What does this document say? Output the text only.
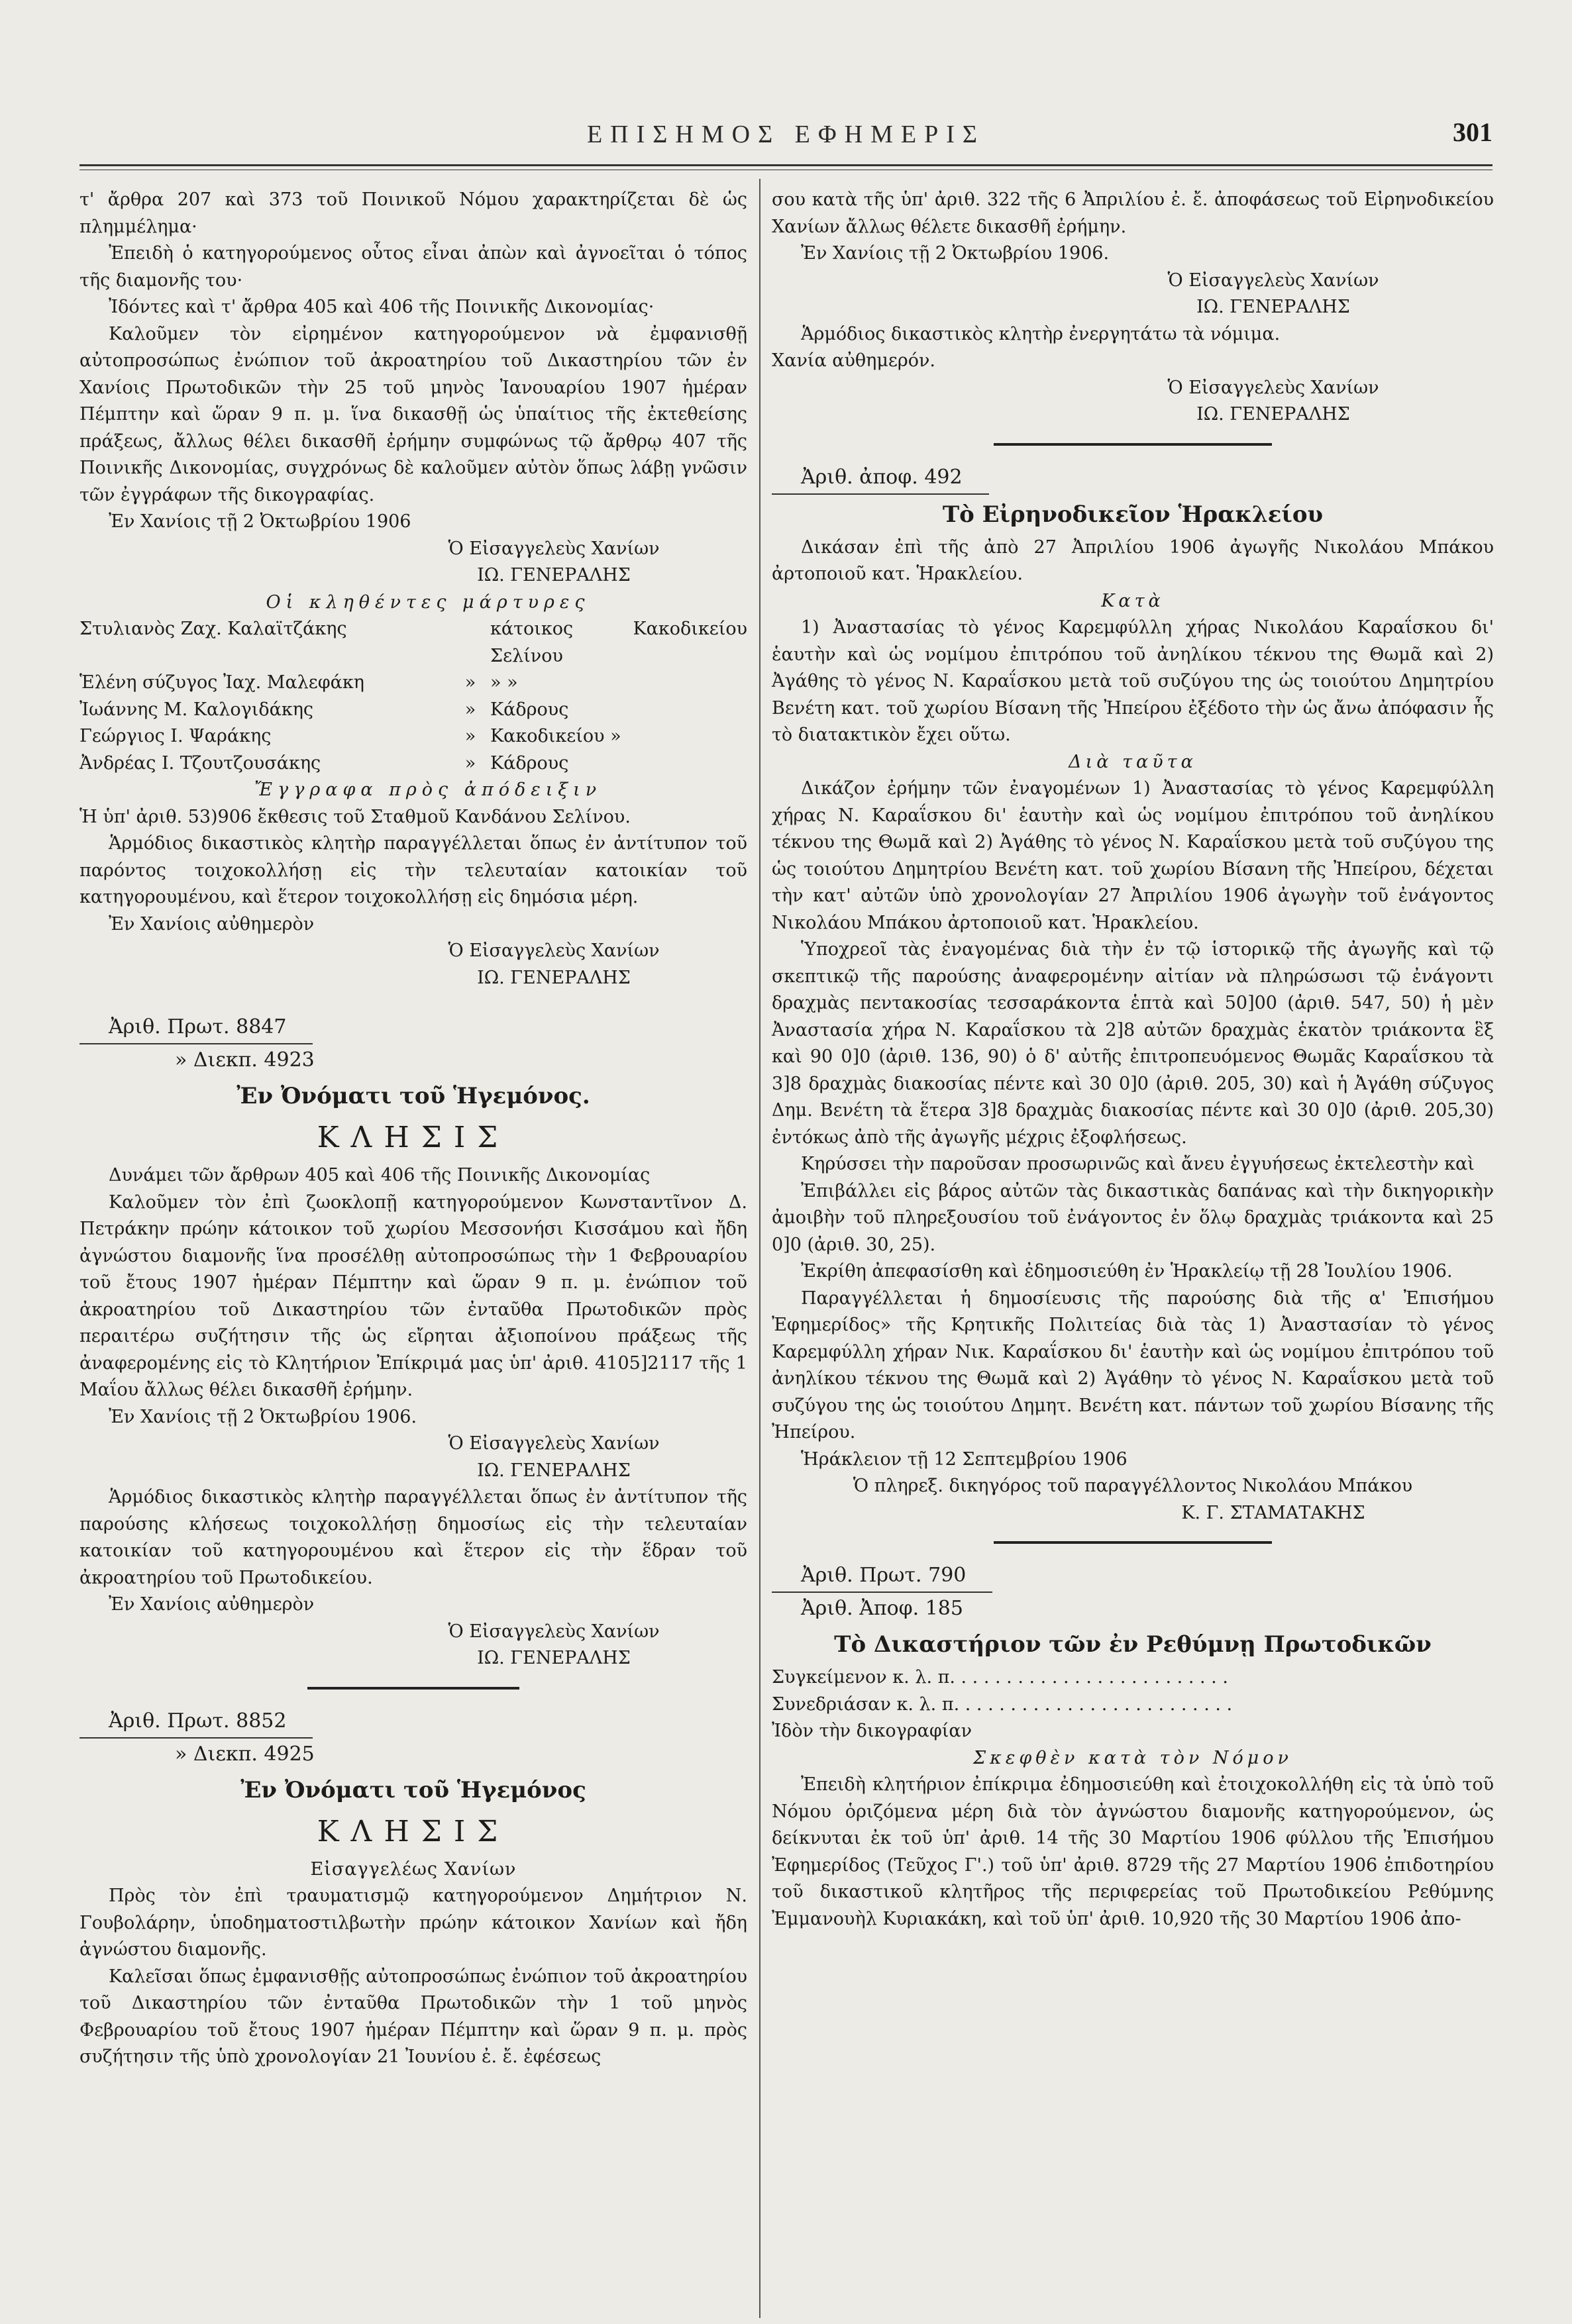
ΕΠΙΣΗΜΟΣ ΕΦΗΜΕΡΙΣ	301

τ' ἄρθρα 207 καὶ 373 τοῦ Ποινικοῦ Νόμου χαρακτηρίζεται δὲ ὡς πλημμέλημα·

Ἐπειδὴ ὁ κατηγορούμενος οὗτος εἶναι ἀπὼν καὶ ἀγνοεῖται ὁ τόπος τῆς διαμονῆς του·

Ἰδόντες καὶ τ' ἄρθρα 405 καὶ 406 τῆς Ποινικῆς Δικονομίας·

Καλοῦμεν τὸν εἰρημένον κατηγορούμενον νὰ ἐμφανισθῇ αὐτοπροσώπως ἐνώπιον τοῦ ἀκροατηρίου τοῦ Δικαστηρίου τῶν ἐν Χανίοις Πρωτοδικῶν τὴν 25 τοῦ μηνὸς Ἰανουαρίου 1907 ἡμέραν Πέμπτην καὶ ὥραν 9 π. μ. ἵνα δικασθῇ ὡς ὑπαίτιος τῆς ἐκτεθείσης πράξεως, ἄλλως θέλει δικασθῆ ἐρήμην συμφώνως τῷ ἄρθρῳ 407 τῆς Ποινικῆς Δικονομίας, συγχρόνως δὲ καλοῦμεν αὐτὸν ὅπως λάβῃ γνῶσιν τῶν ἐγγράφων τῆς δικογραφίας.

Ἐν Χανίοις τῇ 2 Ὀκτωβρίου 1906

Ὁ Εἰσαγγελεὺς Χανίων

ΙΩ. ΓΕΝΕΡΑΛΗΣ

Οἱ κληθέντες μάρτυρες

Στυλιανὸς Ζαχ. Καλαϊτζάκης	κάτοικος Κακοδικείου Σελίνου
Ἑλένη σύζυγος Ἰαχ. Μαλεφάκη	» » »
Ἰωάννης Μ. Καλογιδάκης	» Κάδρους
Γεώργιος Ι. Ψαράκης	» Κακοδικείου »
Ἀνδρέας Ι. Τζουτζουσάκης	» Κάδρους

Ἔγγραφα πρὸς ἀπόδειξιν

Ἡ ὑπ' ἀριθ. 53)906 ἔκθεσις τοῦ Σταθμοῦ Κανδάνου Σελίνου.

Ἁρμόδιος δικαστικὸς κλητὴρ παραγγέλλεται ὅπως ἐν ἀντίτυπον τοῦ παρόντος τοιχοκολλήσῃ εἰς τὴν τελευταίαν κατοικίαν τοῦ κατηγορουμένου, καὶ ἕτερον τοιχοκολλήσῃ εἰς δημόσια μέρη.

Ἐν Χανίοις αὐθημερὸν

Ὁ Εἰσαγγελεὺς Χανίων

ΙΩ. ΓΕΝΕΡΑΛΗΣ

Ἀριθ. Πρωτ. 8847

» Διεκπ. 4923

Ἐν Ὀνόματι τοῦ Ἡγεμόνος.
ΚΛΗΣΙΣ

Δυνάμει τῶν ἄρθρων 405 καὶ 406 τῆς Ποινικῆς Δικονομίας

Καλοῦμεν τὸν ἐπὶ ζωοκλοπῇ κατηγορούμενον Κωνσταντῖνον Δ. Πετράκην πρώην κάτοικον τοῦ χωρίου Μεσσονήσι Κισσάμου καὶ ἤδη ἀγνώστου διαμονῆς ἵνα προσέλθῃ αὐτοπροσώπως τὴν 1 Φεβρουαρίου τοῦ ἔτους 1907 ἡμέραν Πέμπτην καὶ ὥραν 9 π. μ. ἐνώπιον τοῦ ἀκροατηρίου τοῦ Δικαστηρίου τῶν ἐνταῦθα Πρωτοδικῶν πρὸς περαιτέρω συζήτησιν τῆς ὡς εἴρηται ἀξιοποίνου πράξεως τῆς ἀναφερομένης εἰς τὸ Κλητήριον Ἐπίκριμά μας ὑπ' ἀριθ. 4105]2117 τῆς 1 Μαΐου ἄλλως θέλει δικασθῆ ἐρήμην.

Ἐν Χανίοις τῇ 2 Ὀκτωβρίου 1906.

Ὁ Εἰσαγγελεὺς Χανίων

ΙΩ. ΓΕΝΕΡΑΛΗΣ

Ἁρμόδιος δικαστικὸς κλητὴρ παραγγέλλεται ὅπως ἐν ἀντίτυπον τῆς παρούσης κλήσεως τοιχοκολλήσῃ δημοσίως εἰς τὴν τελευταίαν κατοικίαν τοῦ κατηγορουμένου καὶ ἕτερον εἰς τὴν ἕδραν τοῦ ἀκροατηρίου τοῦ Πρωτοδικείου.

Ἐν Χανίοις αὐθημερὸν

Ὁ Εἰσαγγελεὺς Χανίων

ΙΩ. ΓΕΝΕΡΑΛΗΣ

Ἀριθ. Πρωτ. 8852

» Διεκπ. 4925

Ἐν Ὀνόματι τοῦ Ἡγεμόνος
ΚΛΗΣΙΣ
Εἰσαγγελέως Χανίων

Πρὸς τὸν ἐπὶ τραυματισμῷ κατηγορούμενον Δημήτριον Ν. Γουβολάρην, ὑποδηματοστιλβωτὴν πρώην κάτοικον Χανίων καὶ ἤδη ἀγνώστου διαμονῆς.

Καλεῖσαι ὅπως ἐμφανισθῇς αὐτοπροσώπως ἐνώπιον τοῦ ἀκροατηρίου τοῦ Δικαστηρίου τῶν ἐνταῦθα Πρωτοδικῶν τὴν 1 τοῦ μηνὸς Φεβρουαρίου τοῦ ἔτους 1907 ἡμέραν Πέμπτην καὶ ὥραν 9 π. μ. πρὸς συζήτησιν τῆς ὑπὸ χρονολογίαν 21 Ἰουνίου ἐ. ἔ. ἐφέσεως

σου κατὰ τῆς ὑπ' ἀριθ. 322 τῆς 6 Ἀπριλίου ἐ. ἔ. ἀποφάσεως τοῦ Εἰρηνοδικείου Χανίων ἄλλως θέλετε δικασθῆ ἐρήμην.

Ἐν Χανίοις τῇ 2 Ὀκτωβρίου 1906.

Ὁ Εἰσαγγελεὺς Χανίων

ΙΩ. ΓΕΝΕΡΑΛΗΣ

Ἁρμόδιος δικαστικὸς κλητὴρ ἐνεργητάτω τὰ νόμιμα.

Χανία αὐθημερόν.

Ὁ Εἰσαγγελεὺς Χανίων

ΙΩ. ΓΕΝΕΡΑΛΗΣ

Ἀριθ. ἀποφ. 492

Τὸ Εἰρηνοδικεῖον Ἡρακλείου

Δικάσαν ἐπὶ τῆς ἀπὸ 27 Ἀπριλίου 1906 ἀγωγῆς Νικολάου Μπάκου ἀρτοποιοῦ κατ. Ἡρακλείου.

Κατὰ

1) Ἀναστασίας τὸ γένος Καρεμφύλλη χήρας Νικολάου Καραΐσκου δι' ἑαυτὴν καὶ ὡς νομίμου ἐπιτρόπου τοῦ ἀνηλίκου τέκνου της Θωμᾶ καὶ 2) Ἀγάθης τὸ γένος Ν. Καραΐσκου μετὰ τοῦ συζύγου της ὡς τοιούτου Δημητρίου Βενέτη κατ. τοῦ χωρίου Βίσανη τῆς Ἠπείρου ἐξέδοτο τὴν ὡς ἄνω ἀπόφασιν ἧς τὸ διατακτικὸν ἔχει οὕτω.

Διὰ ταῦτα

Δικάζον ἐρήμην τῶν ἐναγομένων 1) Ἀναστασίας τὸ γένος Καρεμφύλλη χήρας Ν. Καραΐσκου δι' ἑαυτὴν καὶ ὡς νομίμου ἐπιτρόπου τοῦ ἀνηλίκου τέκνου της Θωμᾶ καὶ 2) Ἀγάθης τὸ γένος Ν. Καραΐσκου μετὰ τοῦ συζύγου της ὡς τοιούτου Δημητρίου Βενέτη κατ. τοῦ χωρίου Βίσανη τῆς Ἠπείρου, δέχεται τὴν κατ' αὐτῶν ὑπὸ χρονολογίαν 27 Ἀπριλίου 1906 ἀγωγὴν τοῦ ἐνάγοντος Νικολάου Μπάκου ἀρτοποιοῦ κατ. Ἡρακλείου.

Ὑποχρεοῖ τὰς ἐναγομένας διὰ τὴν ἐν τῷ ἱστορικῷ τῆς ἀγωγῆς καὶ τῷ σκεπτικῷ τῆς παρούσης ἀναφερομένην αἰτίαν νὰ πληρώσωσι τῷ ἐνάγοντι δραχμὰς πεντακοσίας τεσσαράκοντα ἑπτὰ καὶ 50]00 (ἀριθ. 547, 50) ἡ μὲν Ἀναστασία χήρα Ν. Καραΐσκου τὰ 2]8 αὐτῶν δραχμὰς ἑκατὸν τριάκοντα ἓξ καὶ 90 0]0 (ἀριθ. 136, 90) ὁ δ' αὐτῆς ἐπιτροπευόμενος Θωμᾶς Καραΐσκου τὰ 3]8 δραχμὰς διακοσίας πέντε καὶ 30 0]0 (ἀριθ. 205, 30) καὶ ἡ Ἀγάθη σύζυγος Δημ. Βενέτη τὰ ἕτερα 3]8 δραχμὰς διακοσίας πέντε καὶ 30 0]0 (ἀριθ. 205,30) ἐντόκως ἀπὸ τῆς ἀγωγῆς μέχρις ἐξοφλήσεως.

Κηρύσσει τὴν παροῦσαν προσωρινῶς καὶ ἄνευ ἐγγυήσεως ἐκτελεστὴν καὶ

Ἐπιβάλλει εἰς βάρος αὐτῶν τὰς δικαστικὰς δαπάνας καὶ τὴν δικηγορικὴν ἀμοιβὴν τοῦ πληρεξουσίου τοῦ ἐνάγοντος ἐν ὅλῳ δραχμὰς τριάκοντα καὶ 25 0]0 (ἀριθ. 30, 25).

Ἐκρίθη ἀπεφασίσθη καὶ ἐδημοσιεύθη ἐν Ἡρακλείῳ τῇ 28 Ἰουλίου 1906.

Παραγγέλλεται ἡ δημοσίευσις τῆς παρούσης διὰ τῆς α' Ἐπισήμου Ἐφημερίδος» τῆς Κρητικῆς Πολιτείας διὰ τὰς 1) Ἀναστασίαν τὸ γένος Καρεμφύλλη χήραν Νικ. Καραΐσκου δι' ἑαυτὴν καὶ ὡς νομίμου ἐπιτρόπου τοῦ ἀνηλίκου τέκνου της Θωμᾶ καὶ 2) Ἀγάθην τὸ γένος Ν. Καραΐσκου μετὰ τοῦ συζύγου της ὡς τοιούτου Δημητ. Βενέτη κατ. πάντων τοῦ χωρίου Βίσανης τῆς Ἠπείρου.

Ἡράκλειον τῇ 12 Σεπτεμβρίου 1906

Ὁ πληρεξ. δικηγόρος τοῦ παραγγέλλοντος Νικολάου Μπάκου

Κ. Γ. ΣΤΑΜΑΤΑΚΗΣ

Ἀριθ. Πρωτ. 790

Ἀριθ. Ἀποφ. 185

Τὸ Δικαστήριον τῶν ἐν Ρεθύμνῃ Πρωτοδικῶν

Συγκείμενον κ. λ. π. . . . . . . . . . . . . . . . . . . . . . . . .

Συνεδριάσαν κ. λ. π. . . . . . . . . . . . . . . . . . . . . . . . .

Ἰδὸν τὴν δικογραφίαν

Σκεφθὲν κατὰ τὸν Νόμον

Ἐπειδὴ κλητήριον ἐπίκριμα ἐδημοσιεύθη καὶ ἐτοιχοκολλήθη εἰς τὰ ὑπὸ τοῦ Νόμου ὁριζόμενα μέρη διὰ τὸν ἀγνώστου διαμονῆς κατηγορούμενον, ὡς δείκνυται ἐκ τοῦ ὑπ' ἀριθ. 14 τῆς 30 Μαρτίου 1906 φύλλου τῆς Ἐπισήμου Ἐφημερίδος (Τεῦχος Γ'.) τοῦ ὑπ' ἀριθ. 8729 τῆς 27 Μαρτίου 1906 ἐπιδοτηρίου τοῦ δικαστικοῦ κλητῆρος τῆς περιφερείας τοῦ Πρωτοδικείου Ρεθύμνης Ἐμμανουὴλ Κυριακάκη, καὶ τοῦ ὑπ' ἀριθ. 10,920 τῆς 30 Μαρτίου 1906 ἀπο-
